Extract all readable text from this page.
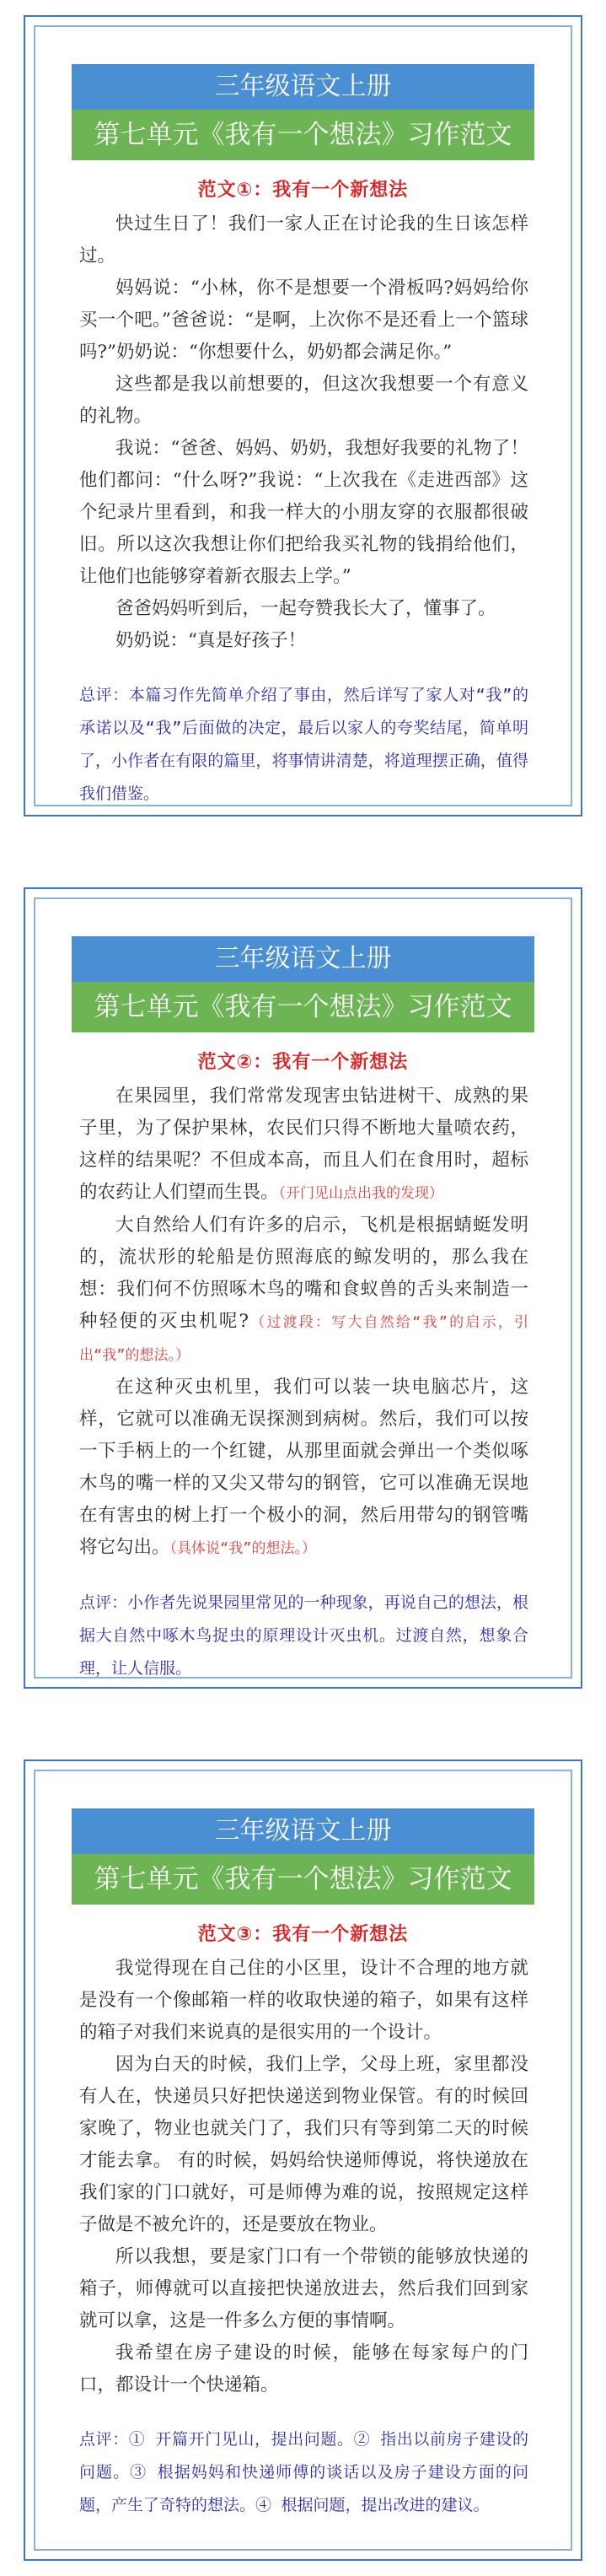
三年级语文上册
第七单元《我有一个想法》习作范文
范文①：我有一个新想法

快过生日了！我们一家人正在讨论我的生日该怎样过。

妈妈说：“小林，你不是想要一个滑板吗?妈妈给你买一个吧。”爸爸说：“是啊，上次你不是还看上一个篮球吗?”奶奶说：“你想要什么，奶奶都会满足你。”

这些都是我以前想要的，但这次我想要一个有意义的礼物。

我说：“爸爸、妈妈、奶奶，我想好我要的礼物了！他们都问：“什么呀?”我说：“上次我在《走进西部》这个纪录片里看到，和我一样大的小朋友穿的衣服都很破旧。所以这次我想让你们把给我买礼物的钱捐给他们，让他们也能够穿着新衣服去上学。”

爸爸妈妈听到后，一起夸赞我长大了，懂事了。

奶奶说：“真是好孩子！

总评：本篇习作先简单介绍了事由，然后详写了家人对“我”的承诺以及“我”后面做的决定，最后以家人的夸奖结尾，简单明了，小作者在有限的篇里，将事情讲清楚，将道理摆正确，值得我们借鉴。
三年级语文上册
第七单元《我有一个想法》习作范文
范文②：我有一个新想法

在果园里，我们常常发现害虫钻进树干、成熟的果子里，为了保护果林，农民们只得不断地大量喷农药，这样的结果呢？不但成本高，而且人们在食用时，超标的农药让人们望而生畏。（开门见山点出我的发现）

大自然给人们有许多的启示，飞机是根据蜻蜓发明的，流状形的轮船是仿照海底的鲸发明的，那么我在想：我们何不仿照啄木鸟的嘴和食蚁兽的舌头来制造一种轻便的灭虫机呢?（过渡段：写大自然给“我”的启示，引出“我”的想法。）

在这种灭虫机里，我们可以装一块电脑芯片，这样，它就可以准确无误探测到病树。然后，我们可以按一下手柄上的一个红键，从那里面就会弹出一个类似啄木鸟的嘴一样的又尖又带勾的钢管，它可以准确无误地在有害虫的树上打一个极小的洞，然后用带勾的钢管嘴将它勾出。（具体说“我”的想法。）

点评：小作者先说果园里常见的一种现象，再说自己的想法，根据大自然中啄木鸟捉虫的原理设计灭虫机。过渡自然，想象合理，让人信服。
三年级语文上册
第七单元《我有一个想法》习作范文
范文③：我有一个新想法

我觉得现在自己住的小区里，设计不合理的地方就是没有一个像邮箱一样的收取快递的箱子，如果有这样的箱子对我们来说真的是很实用的一个设计。

因为白天的时候，我们上学，父母上班，家里都没有人在，快递员只好把快递送到物业保管。有的时候回家晚了，物业也就关门了，我们只有等到第二天的时候才能去拿。 有的时候，妈妈给快递师傅说，将快递放在我们家的门口就好，可是师傅为难的说，按照规定这样子做是不被允许的，还是要放在物业。

所以我想，要是家门口有一个带锁的能够放快递的箱子，师傅就可以直接把快递放进去，然后我们回到家就可以拿，这是一件多么方便的事情啊。

我希望在房子建设的时候，能够在每家每户的门口，都设计一个快递箱。

点评：① 开篇开门见山，提出问题。② 指出以前房子建设的问题。③ 根据妈妈和快递师傅的谈话以及房子建设方面的问题，产生了奇特的想法。④ 根据问题，提出改进的建议。
